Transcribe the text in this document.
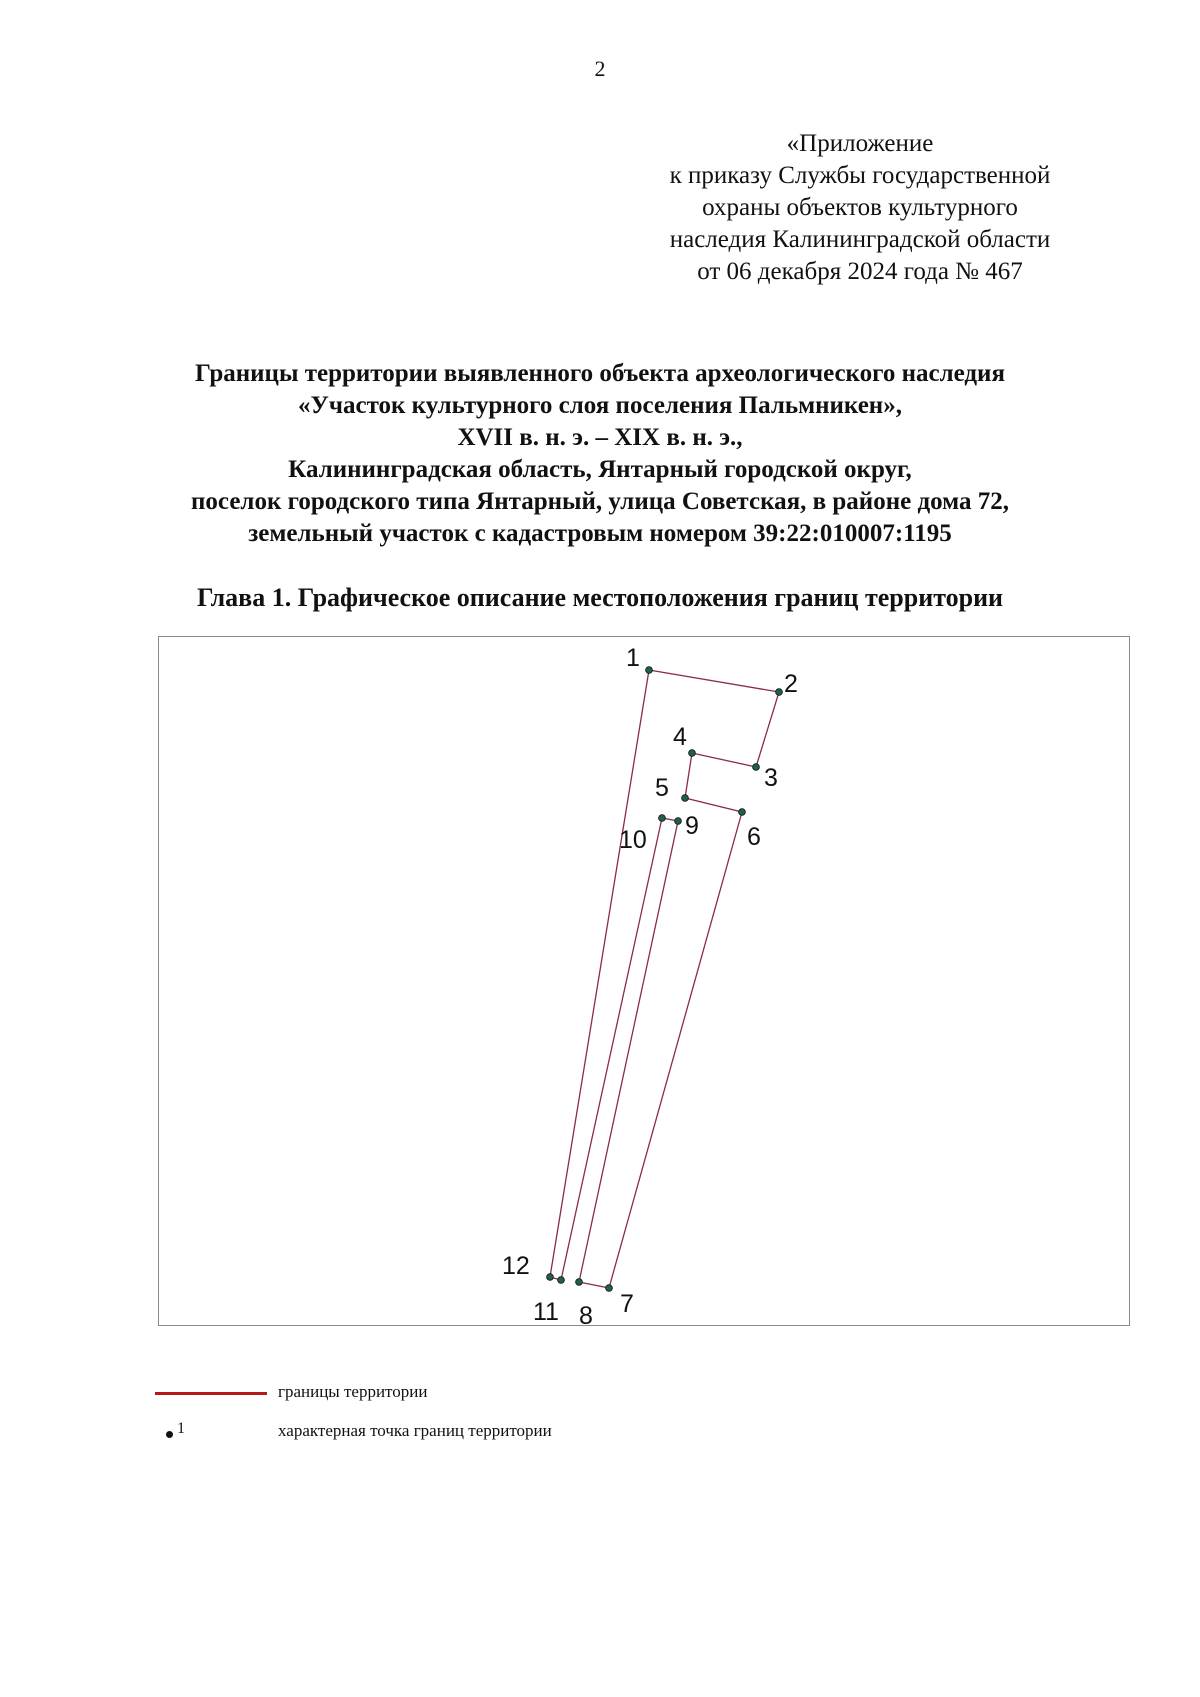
2
«Приложение
к приказу Службы государственной
охраны объектов культурного
наследия Калининградской области
от 06 декабря 2024 года № 467
Границы территории выявленного объекта археологического наследия
«Участок культурного слоя поселения Пальмникен»,
XVII в. н. э. – XIX в. н. э.,
Калининградская область, Янтарный городской округ,
поселок городского типа Янтарный, улица Советская, в районе дома 72,
земельный участок с кадастровым номером 39:22:010007:1195
Глава 1. Графическое описание местоположения границ территории
1
2
3
4
5
6
7
8
9
10
11
12
границы территории
1	характерная точка границ территории
